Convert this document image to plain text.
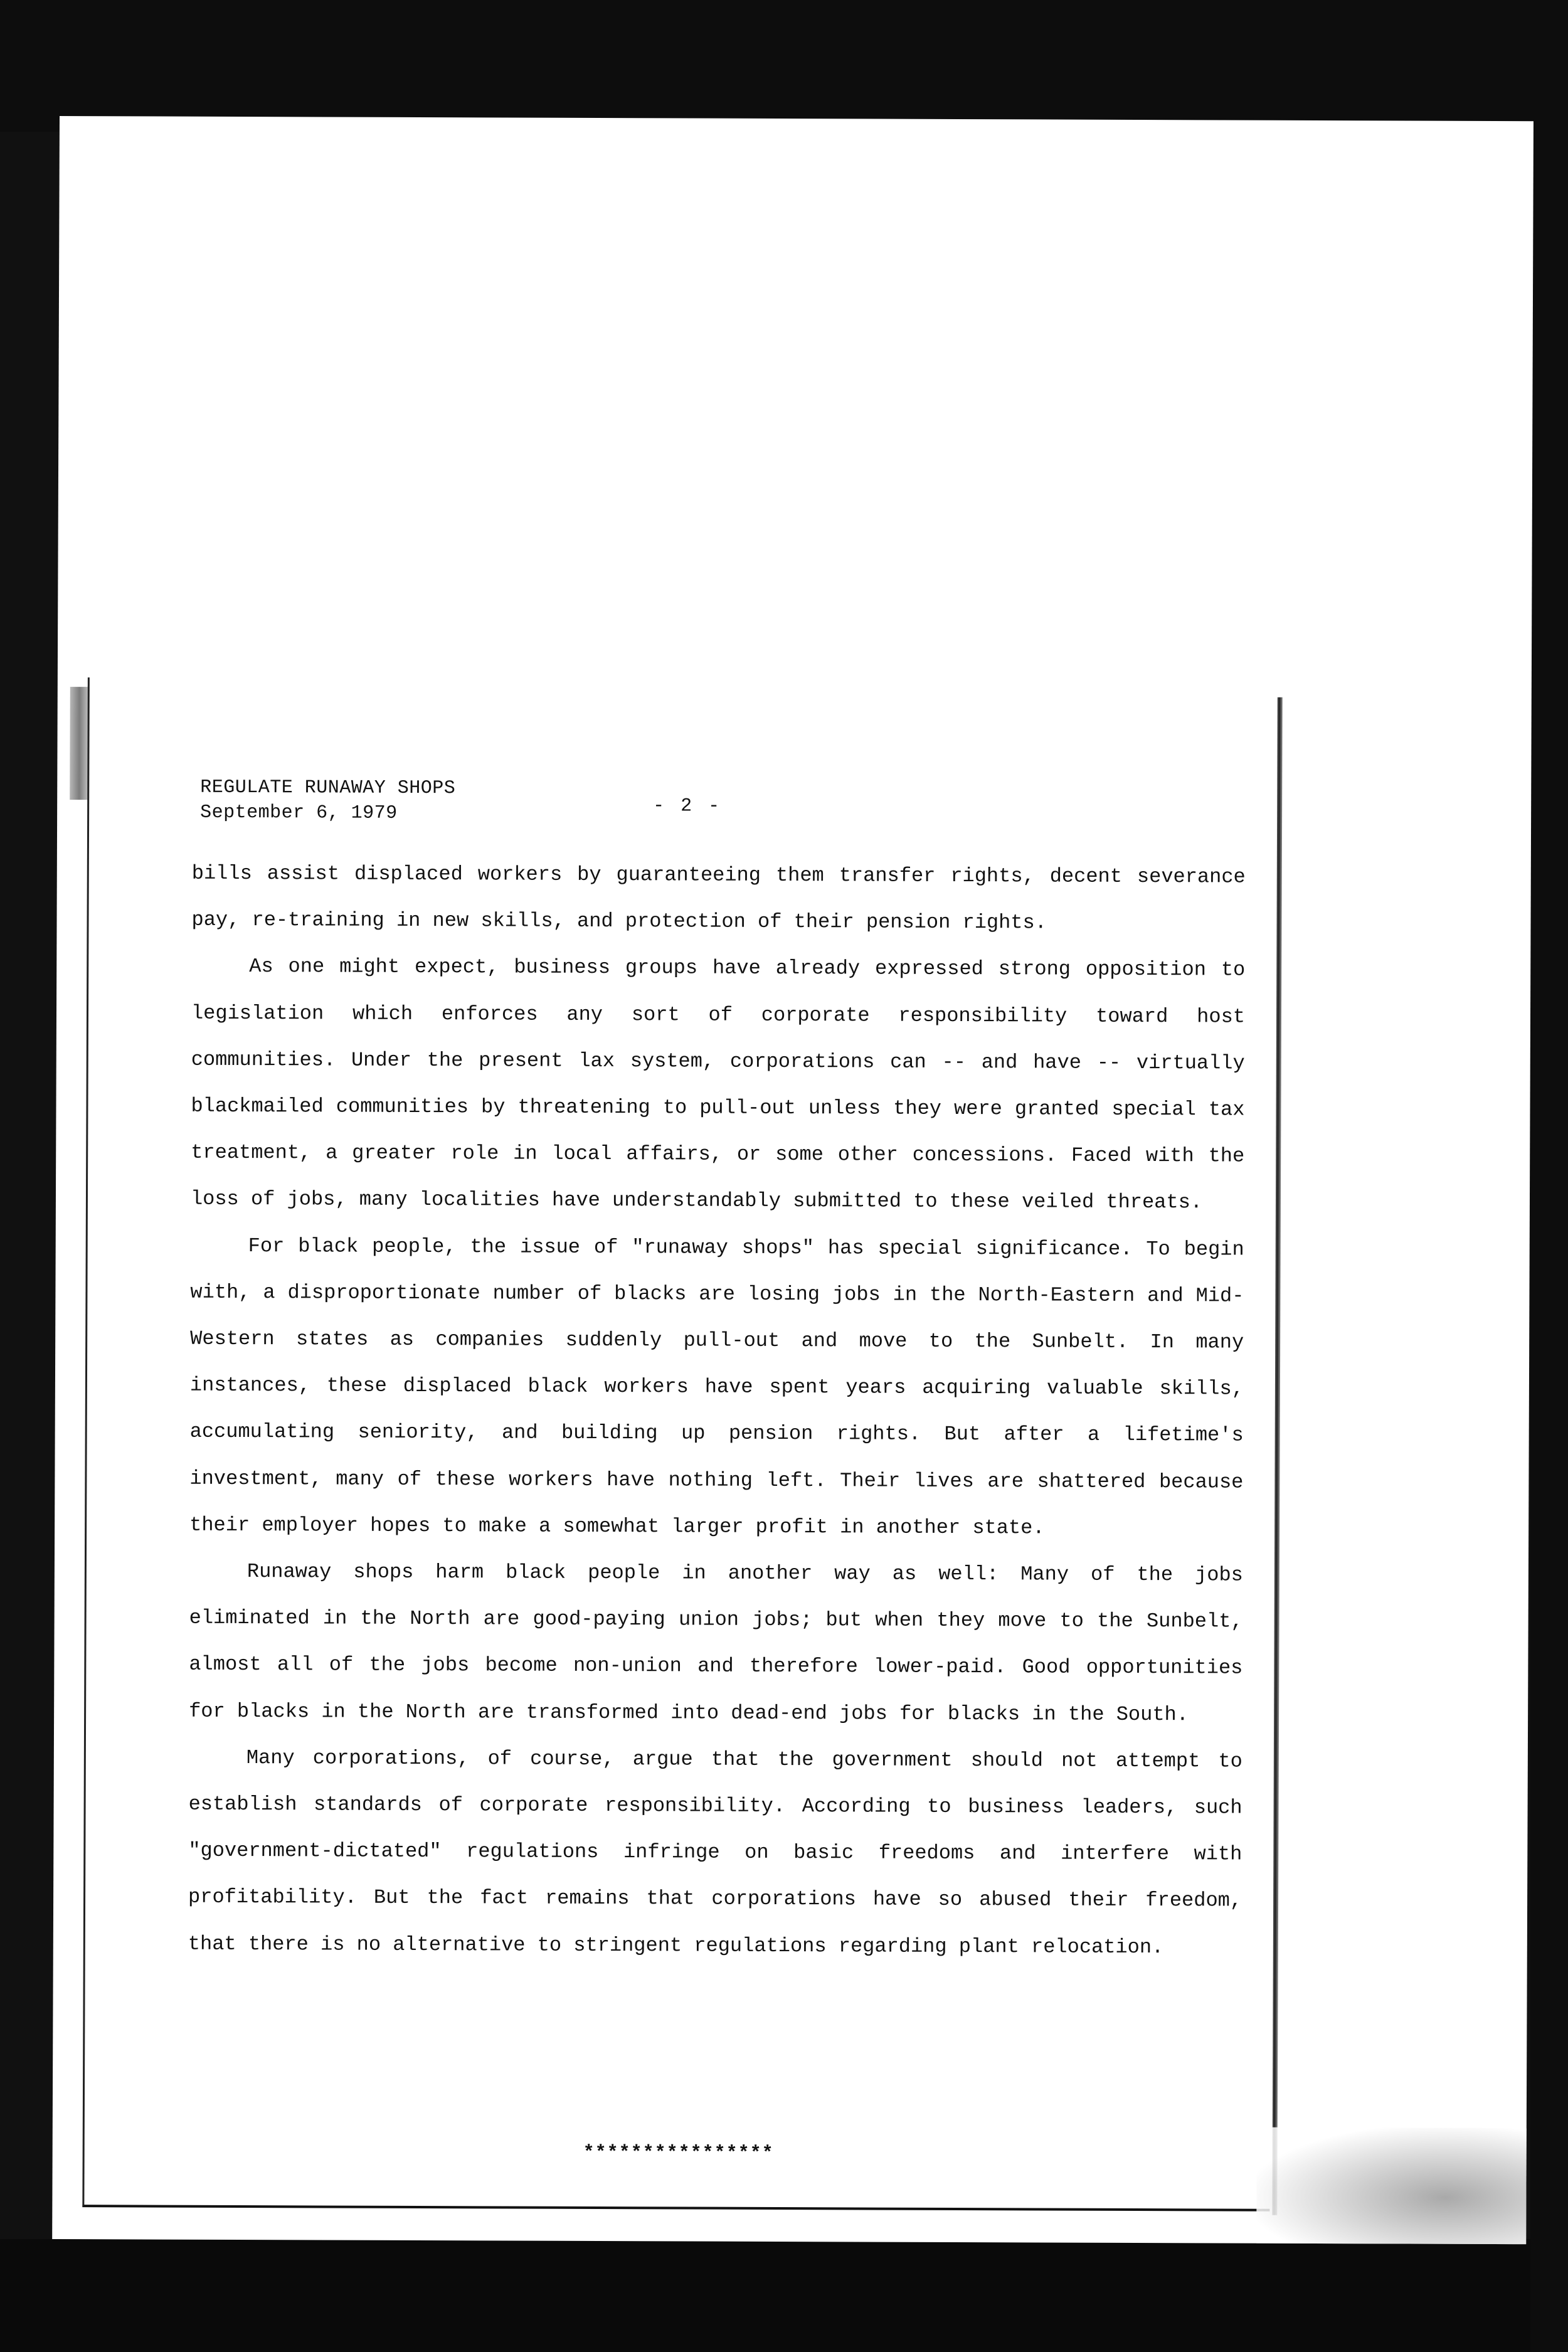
REGULATE RUNAWAY SHOPS
September 6, 1979	- 2 -

bills assist displaced workers by guaranteeing them transfer rights, decent severance pay, re-training in new skills, and protection of their pension rights.

As one might expect, business groups have already expressed strong opposition to legislation which enforces any sort of corporate responsibility toward host communities. Under the present lax system, corporations can -- and have -- virtually blackmailed communities by threatening to pull-out unless they were granted special tax treatment, a greater role in local affairs, or some other concessions. Faced with the loss of jobs, many localities have understandably submitted to these veiled threats.

For black people, the issue of "runaway shops" has special significance. To begin with, a disproportionate number of blacks are losing jobs in the North-Eastern and Mid-Western states as companies suddenly pull-out and move to the Sunbelt. In many instances, these displaced black workers have spent years acquiring valuable skills, accumulating seniority, and building up pension rights. But after a lifetime's investment, many of these workers have nothing left. Their lives are shattered because their employer hopes to make a somewhat larger profit in another state.

Runaway shops harm black people in another way as well: Many of the jobs eliminated in the North are good-paying union jobs; but when they move to the Sunbelt, almost all of the jobs become non-union and therefore lower-paid. Good opportunities for blacks in the North are transformed into dead-end jobs for blacks in the South.

Many corporations, of course, argue that the government should not attempt to establish standards of corporate responsibility. According to business leaders, such "government-dictated" regulations infringe on basic freedoms and interfere with profitability. But the fact remains that corporations have so abused their freedom, that there is no alternative to stringent regulations regarding plant relocation.

****************
